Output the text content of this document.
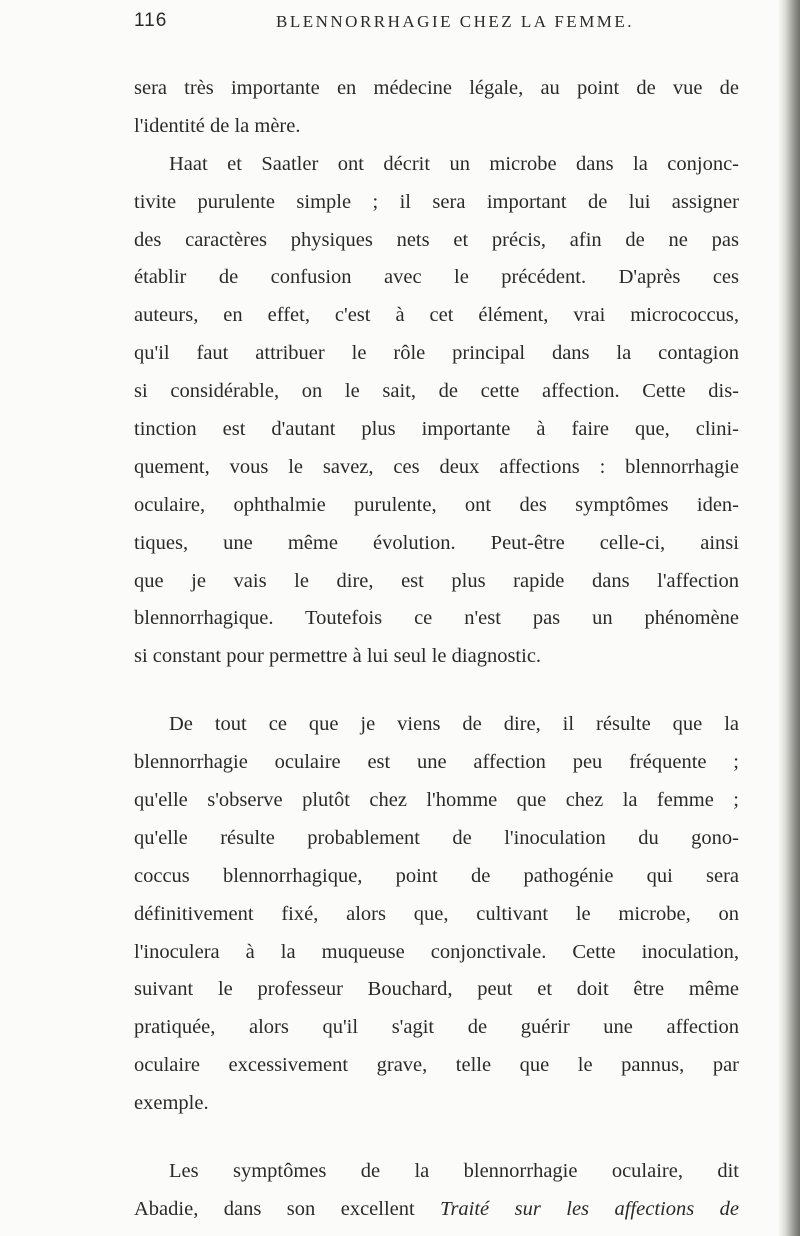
116	BLENNORRHAGIE CHEZ LA FEMME.
sera très importante en médecine légale, au point de vue de
l'identité de la mère.
Haat et Saatler ont décrit un microbe dans la conjonc-
tivite purulente simple ; il sera important de lui assigner
des caractères physiques nets et précis, afin de ne pas
établir de confusion avec le précédent. D'après ces
auteurs, en effet, c'est à cet élément, vrai micrococcus,
qu'il faut attribuer le rôle principal dans la contagion
si considérable, on le sait, de cette affection. Cette dis-
tinction est d'autant plus importante à faire que, clini-
quement, vous le savez, ces deux affections : blennorrhagie
oculaire, ophthalmie purulente, ont des symptômes iden-
tiques, une même évolution. Peut-être celle-ci, ainsi
que je vais le dire, est plus rapide dans l'affection
blennorrhagique. Toutefois ce n'est pas un phénomène
si constant pour permettre à lui seul le diagnostic.
De tout ce que je viens de dire, il résulte que la
blennorrhagie oculaire est une affection peu fréquente ;
qu'elle s'observe plutôt chez l'homme que chez la femme ;
qu'elle résulte probablement de l'inoculation du gono-
coccus blennorrhagique, point de pathogénie qui sera
définitivement fixé, alors que, cultivant le microbe, on
l'inoculera à la muqueuse conjonctivale. Cette inoculation,
suivant le professeur Bouchard, peut et doit être même
pratiquée, alors qu'il s'agit de guérir une affection
oculaire excessivement grave, telle que le pannus, par
exemple.
Les symptômes de la blennorrhagie oculaire, dit
Abadie, dans son excellent Traité sur les affections de
